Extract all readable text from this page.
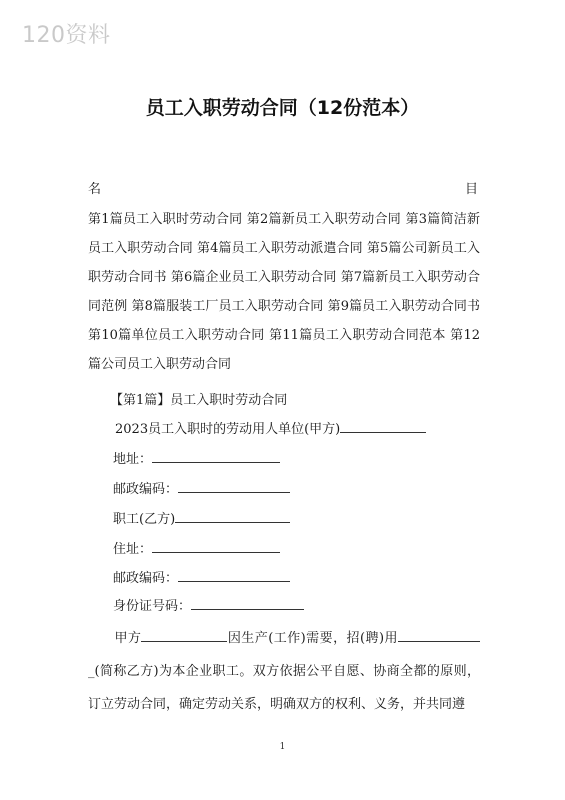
120资料
员工入职劳动合同（12份范本）
名	目
第1篇员工入职时劳动合同 第2篇新员工入职劳动合同 第3篇简洁新员工入职劳动合同 第4篇员工入职劳动派遣合同 第5篇公司新员工入职劳动合同书 第6篇企业员工入职劳动合同 第7篇新员工入职劳动合同范例 第8篇服装工厂员工入职劳动合同 第9篇员工入职劳动合同书 第10篇单位员工入职劳动合同 第11篇员工入职劳动合同范本 第12篇公司员工入职劳动合同
【第1篇】员工入职时劳动合同
2023员工入职时的劳动用人单位(甲方)
地址：
邮政编码：
职工(乙方)
住址：
邮政编码：
身份证号码：
甲方	因生产(工作)需要，招(聘)用_(简称乙方)为本企业职工。双方依据公平自愿、协商全都的原则，订立劳动合同，确定劳动关系，明确双方的权利、义务，并共同遵
1
